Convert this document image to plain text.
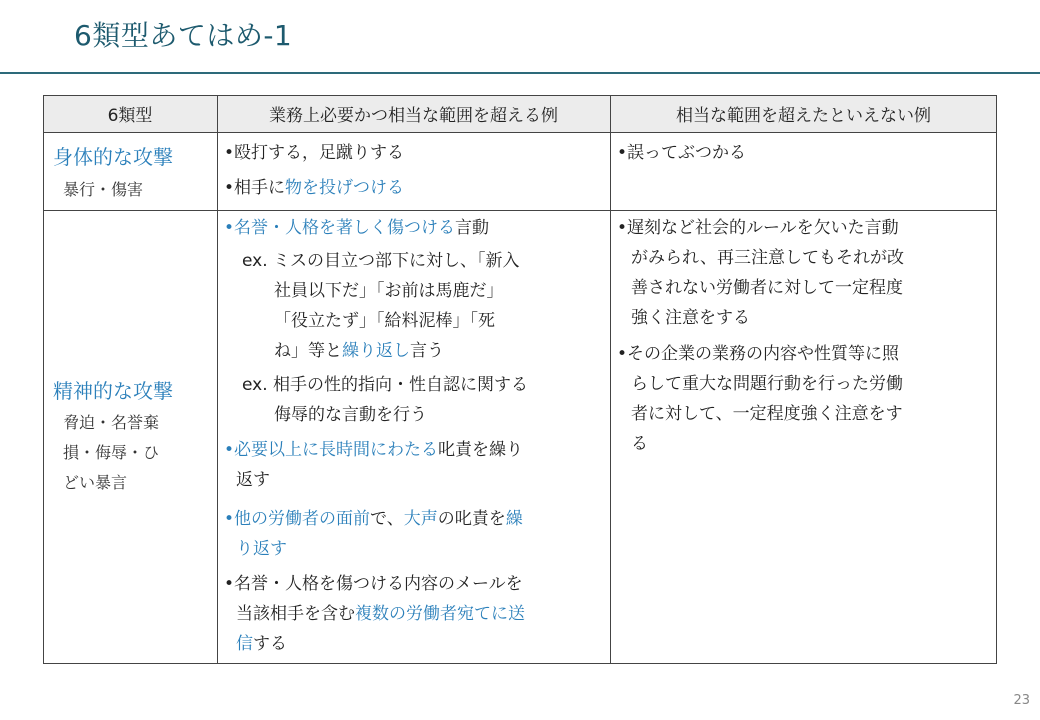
6類型あてはめ-1
6類型	業務上必要かつ相当な範囲を超える例	相当な範囲を超えたといえない例
身体的な攻撃
暴行・傷害
•殴打する，足蹴りする
•相手に物を投げつける
•誤ってぶつかる
精神的な攻撃
脅迫・名誉棄
損・侮辱・ひ
どい暴言
•名誉・人格を著しく傷つける言動
ex. ミスの目立つ部下に対し、「新入
社員以下だ」「お前は馬鹿だ」
「役立たず」「給料泥棒」「死
ね」等と繰り返し言う
ex. 相手の性的指向・性自認に関する
侮辱的な言動を行う
•必要以上に長時間にわたる叱責を繰り
返す
•他の労働者の面前で、大声の叱責を繰
り返す
•名誉・人格を傷つける内容のメールを
当該相手を含む複数の労働者宛てに送
信する
•遅刻など社会的ルールを欠いた言動
がみられ、再三注意してもそれが改
善されない労働者に対して一定程度
強く注意をする
•その企業の業務の内容や性質等に照
らして重大な問題行動を行った労働
者に対して、一定程度強く注意をす
る
23
